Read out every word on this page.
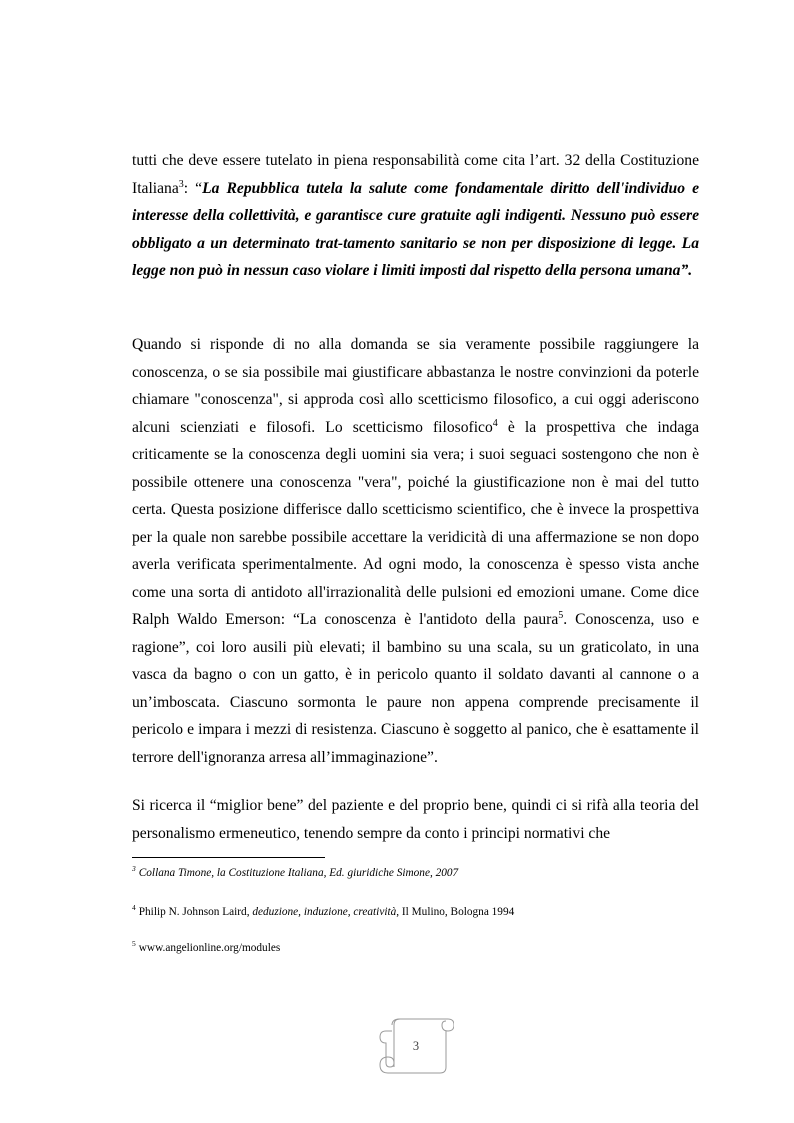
tutti che deve essere tutelato in piena responsabilità come cita l’art. 32 della Costituzione Italiana$^3$: “La Repubblica tutela la salute come fondamentale diritto dell'individuo e interesse della collettività, e garantisce cure gratuite agli indigenti. Nessuno può essere obbligato a un determinato trat-tamento sanitario se non per disposizione di legge. La legge non può in nessun caso violare i limiti imposti dal rispetto della persona umana”.

Quando si risponde di no alla domanda se sia veramente possibile raggiungere la conoscenza, o se sia possibile mai giustificare abbastanza le nostre convinzioni da poterle chiamare "conoscenza", si approda così allo scetticismo filosofico, a cui oggi aderiscono alcuni scienziati e filosofi. Lo scetticismo filosofico$^4$ è la prospettiva che indaga criticamente se la conoscenza degli uomini sia vera; i suoi seguaci sostengono che non è possibile ottenere una conoscenza "vera", poiché la giustificazione non è mai del tutto certa. Questa posizione differisce dallo scetticismo scientifico, che è invece la prospettiva per la quale non sarebbe possibile accettare la veridicità di una affermazione se non dopo averla verificata sperimentalmente. Ad ogni modo, la conoscenza è spesso vista anche come una sorta di antidoto all'irrazionalità delle pulsioni ed emozioni umane. Come dice Ralph Waldo Emerson: “La conoscenza è l'antidoto della paura$^5$. Conoscenza, uso e ragione”, coi loro ausili più elevati; il bambino su una scala, su un graticolato, in una vasca da bagno o con un gatto, è in pericolo quanto il soldato davanti al cannone o a un’imboscata. Ciascuno sormonta le paure non appena comprende precisamente il pericolo e impara i mezzi di resistenza. Ciascuno è soggetto al panico, che è esattamente il terrore dell'ignoranza arresa all’immaginazione”.

Si ricerca il “miglior bene” del paziente e del proprio bene, quindi ci si rifà alla teoria del personalismo ermeneutico, tenendo sempre da conto i principi normativi che

$^3$ Collana Timone, la Costituzione Italiana, Ed. giuridiche Simone, 2007

$^4$ Philip N. Johnson Laird, deduzione, induzione, creatività, Il Mulino, Bologna 1994

$^5$ www.angelionline.org/modules

3
